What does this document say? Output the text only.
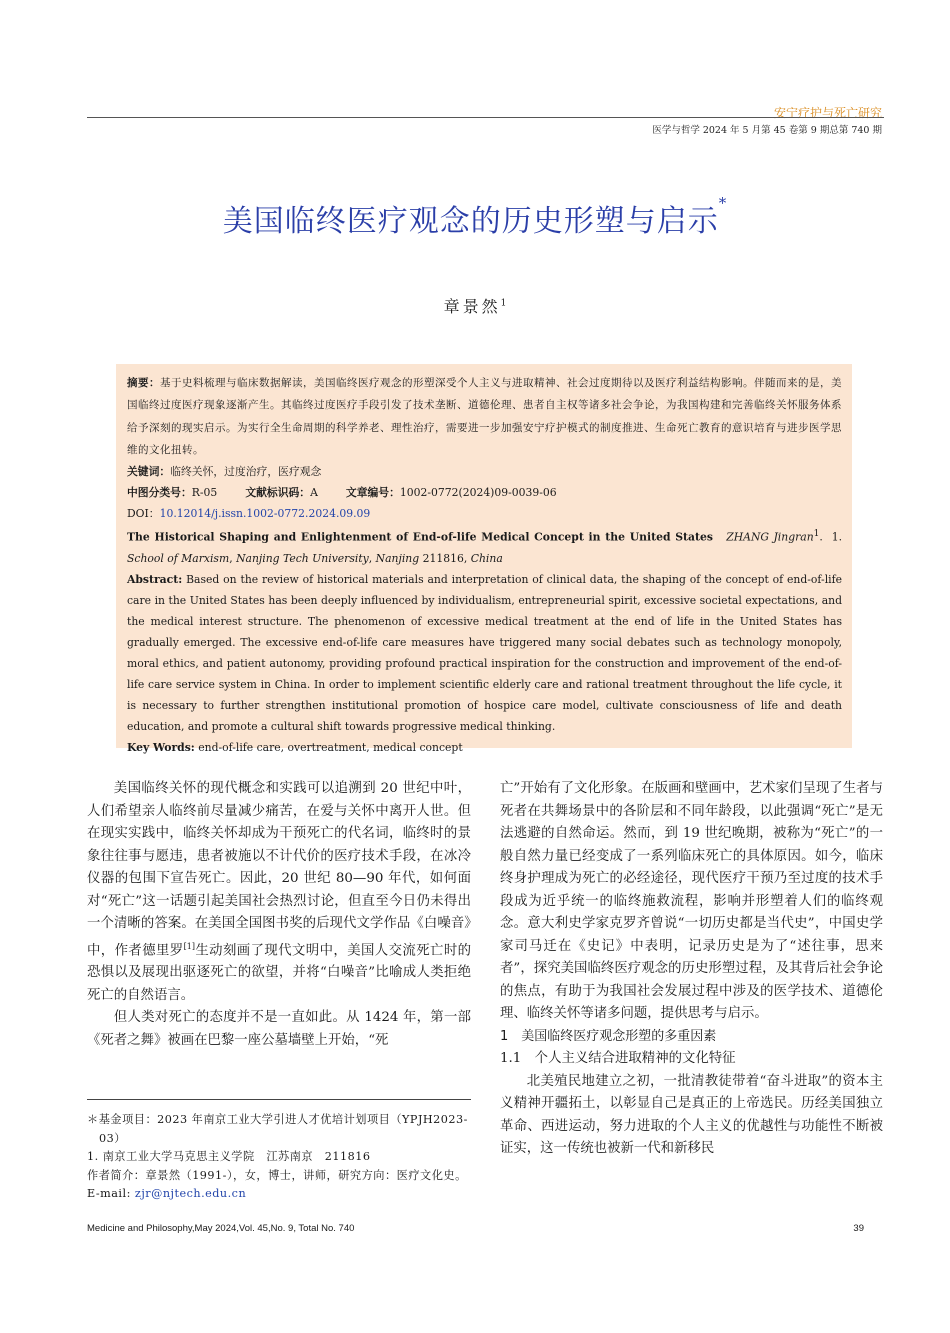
安宁疗护与死亡研究
医学与哲学 2024 年 5 月第 45 卷第 9 期总第 740 期
美国临终医疗观念的历史形塑与启示*
章景然$^1$

摘要：基于史料梳理与临床数据解读，美国临终医疗观念的形塑深受个人主义与进取精神、社会过度期待以及医疗利益结构影响。伴随而来的是，美国临终过度医疗现象逐渐产生。其临终过度医疗手段引发了技术垄断、道德伦理、患者自主权等诸多社会争论，为我国构建和完善临终关怀服务体系给予深刻的现实启示。为实行全生命周期的科学养老、理性治疗，需要进一步加强安宁疗护模式的制度推进、生命死亡教育的意识培育与进步医学思维的文化扭转。

关键词：临终关怀，过度治疗，医疗观念

中图分类号：R-05	文献标识码：A	文章编号：1002-0772(2024)09-0039-06

DOI：10.12014/j.issn.1002-0772.2024.09.09

The Historical Shaping and Enlightenment of End-of-life Medical Concept in the United States ZHANG Jingran$^1$.  1. School of Marxism, Nanjing Tech University, Nanjing 211816, China

Abstract: Based on the review of historical materials and interpretation of clinical data, the shaping of the concept of end-of-life care in the United States has been deeply influenced by individualism, entrepreneurial spirit, excessive societal expectations, and the medical interest structure. The phenomenon of excessive medical treatment at the end of life in the United States has gradually emerged. The excessive end-of-life care measures have triggered many social debates such as technology monopoly, moral ethics, and patient autonomy, providing profound practical inspiration for the construction and improvement of the end-of-life care service system in China. In order to implement scientific elderly care and rational treatment throughout the life cycle, it is necessary to further strengthen institutional promotion of hospice care model, cultivate consciousness of life and death education, and promote a cultural shift towards progressive medical thinking.

Key Words: end-of-life care, overtreatment, medical concept

美国临终关怀的现代概念和实践可以追溯到 20 世纪中叶，人们希望亲人临终前尽量减少痛苦，在爱与关怀中离开人世。但在现实实践中，临终关怀却成为干预死亡的代名词，临终时的景象往往事与愿违，患者被施以不计代价的医疗技术手段，在冰冷仪器的包围下宣告死亡。因此，20 世纪 80—90 年代，如何面对“死亡”这一话题引起美国社会热烈讨论，但直至今日仍未得出一个清晰的答案。在美国全国图书奖的后现代文学作品《白噪音》中，作者德里罗[1]生动刻画了现代文明中，美国人交流死亡时的恐惧以及展现出驱逐死亡的欲望，并将“白噪音”比喻成人类拒绝死亡的自然语言。

但人类对死亡的态度并不是一直如此。从 1424 年，第一部《死者之舞》被画在巴黎一座公墓墙壁上开始，“死

＊基金项目：2023 年南京工业大学引进人才优培计划项目（YPJH2023-03）

1. 南京工业大学马克思主义学院　江苏南京　211816

作者简介：章景然（1991-），女，博士，讲师，研究方向：医疗文化史。E-mail: zjr@njtech.edu.cn

亡”开始有了文化形象。在版画和壁画中，艺术家们呈现了生者与死者在共舞场景中的各阶层和不同年龄段，以此强调“死亡”是无法逃避的自然命运。然而，到 19 世纪晚期，被称为“死亡”的一般自然力量已经变成了一系列临床死亡的具体原因。如今，临床终身护理成为死亡的必经途径，现代医疗干预乃至过度的技术手段成为近乎统一的临终施救流程，影响并形塑着人们的临终观念。意大利史学家克罗齐曾说“一切历史都是当代史”，中国史学家司马迁在《史记》中表明，记录历史是为了“述往事，思来者”，探究美国临终医疗观念的历史形塑过程，及其背后社会争论的焦点，有助于为我国社会发展过程中涉及的医学技术、道德伦理、临终关怀等诸多问题，提供思考与启示。

1　美国临终医疗观念形塑的多重因素

1.1　个人主义结合进取精神的文化特征

北美殖民地建立之初，一批清教徒带着“奋斗进取”的资本主义精神开疆拓土，以彰显自己是真正的上帝选民。历经美国独立革命、西进运动，努力进取的个人主义的优越性与功能性不断被证实，这一传统也被新一代和新移民

Medicine and Philosophy,May 2024,Vol. 45,No. 9, Total No. 740	39
